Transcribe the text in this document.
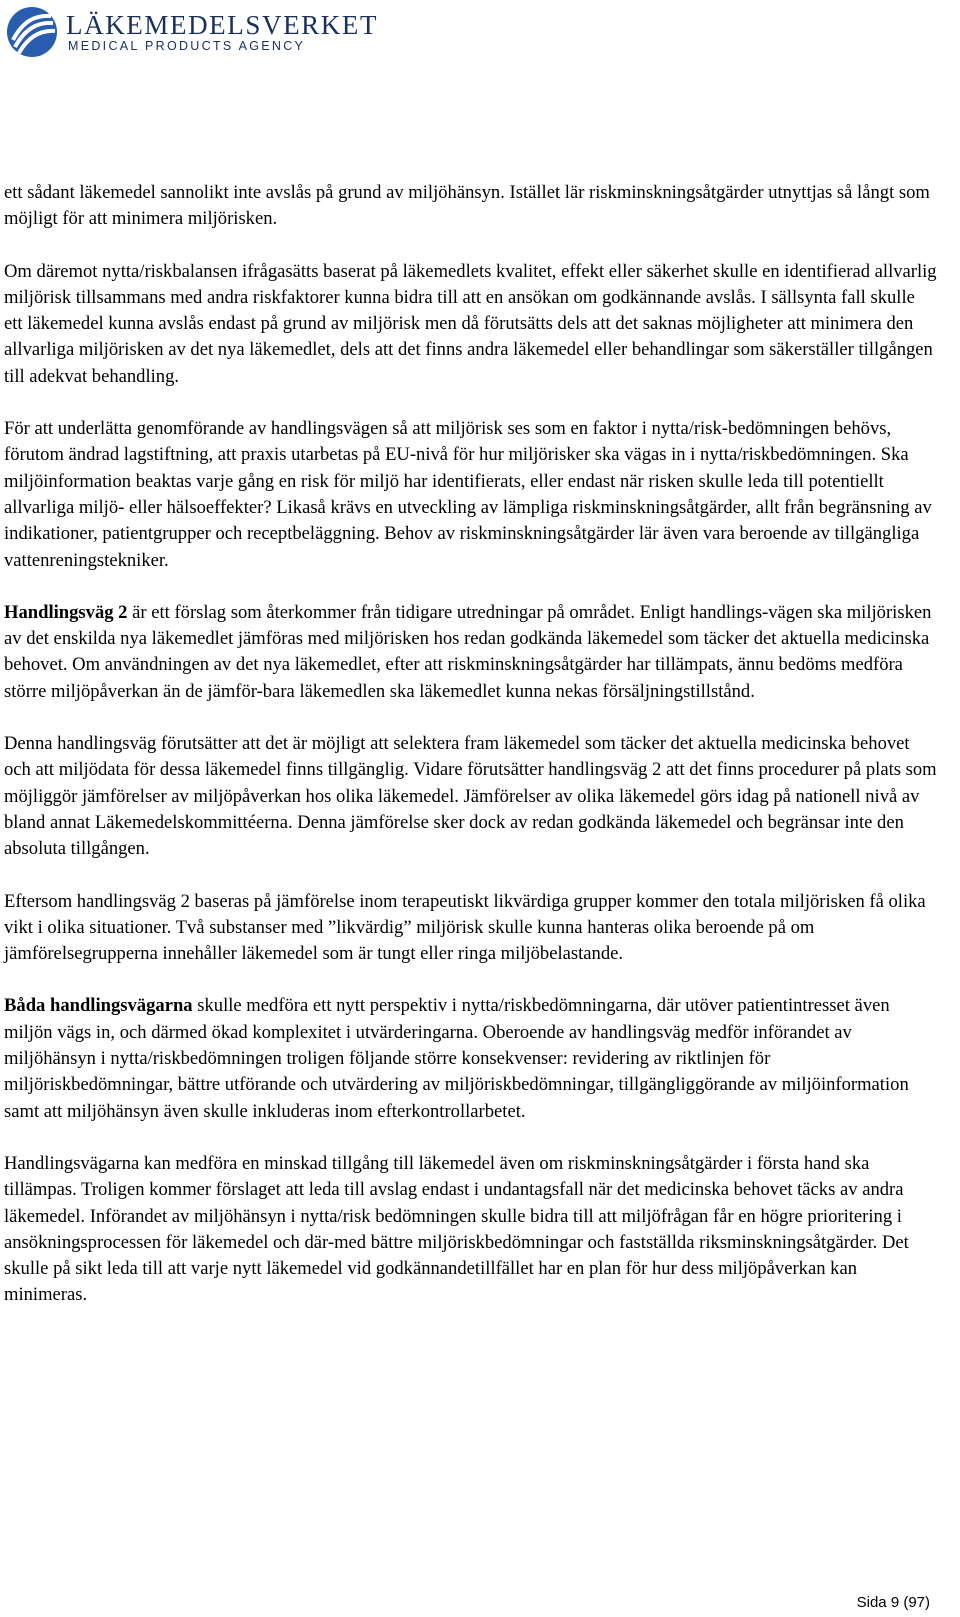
LÄKEMEDELSVERKET
MEDICAL PRODUCTS AGENCY

ett sådant läkemedel sannolikt inte avslås på grund av miljöhänsyn. Istället lär riskminskningsåtgärder utnyttjas så långt som möjligt för att minimera miljörisken.

Om däremot nytta/riskbalansen ifrågasätts baserat på läkemedlets kvalitet, effekt eller säkerhet skulle en identifierad allvarlig miljörisk tillsammans med andra riskfaktorer kunna bidra till att en ansökan om godkännande avslås. I sällsynta fall skulle ett läkemedel kunna avslås endast på grund av miljörisk men då förutsätts dels att det saknas möjligheter att minimera den allvarliga miljörisken av det nya läkemedlet, dels att det finns andra läkemedel eller behandlingar som säkerställer tillgången till adekvat behandling.

För att underlätta genomförande av handlingsvägen så att miljörisk ses som en faktor i nytta/risk-bedömningen behövs, förutom ändrad lagstiftning, att praxis utarbetas på EU-nivå för hur miljörisker ska vägas in i nytta/riskbedömningen. Ska miljöinformation beaktas varje gång en risk för miljö har identifierats, eller endast när risken skulle leda till potentiellt allvarliga miljö- eller hälsoeffekter? Likaså krävs en utveckling av lämpliga riskminskningsåtgärder, allt från begränsning av indikationer, patientgrupper och receptbeläggning. Behov av riskminskningsåtgärder lär även vara beroende av tillgängliga vattenreningstekniker.

Handlingsväg 2 är ett förslag som återkommer från tidigare utredningar på området. Enligt handlings-vägen ska miljörisken av det enskilda nya läkemedlet jämföras med miljörisken hos redan godkända läkemedel som täcker det aktuella medicinska behovet. Om användningen av det nya läkemedlet, efter att riskminskningsåtgärder har tillämpats, ännu bedöms medföra större miljöpåverkan än de jämför-bara läkemedlen ska läkemedlet kunna nekas försäljningstillstånd.

Denna handlingsväg förutsätter att det är möjligt att selektera fram läkemedel som täcker det aktuella medicinska behovet och att miljödata för dessa läkemedel finns tillgänglig. Vidare förutsätter handlingsväg 2 att det finns procedurer på plats som möjliggör jämförelser av miljöpåverkan hos olika läkemedel. Jämförelser av olika läkemedel görs idag på nationell nivå av bland annat Läkemedelskommittéerna. Denna jämförelse sker dock av redan godkända läkemedel och begränsar inte den absoluta tillgången.

Eftersom handlingsväg 2 baseras på jämförelse inom terapeutiskt likvärdiga grupper kommer den totala miljörisken få olika vikt i olika situationer. Två substanser med ”likvärdig” miljörisk skulle kunna hanteras olika beroende på om jämförelsegrupperna innehåller läkemedel som är tungt eller ringa miljöbelastande.

Båda handlingsvägarna skulle medföra ett nytt perspektiv i nytta/riskbedömningarna, där utöver patientintresset även miljön vägs in, och därmed ökad komplexitet i utvärderingarna. Oberoende av handlingsväg medför införandet av miljöhänsyn i nytta/riskbedömningen troligen följande större konsekvenser: revidering av riktlinjen för miljöriskbedömningar, bättre utförande och utvärdering av miljöriskbedömningar, tillgängliggörande av miljöinformation samt att miljöhänsyn även skulle inkluderas inom efterkontrollarbetet.

Handlingsvägarna kan medföra en minskad tillgång till läkemedel även om riskminskningsåtgärder i första hand ska tillämpas. Troligen kommer förslaget att leda till avslag endast i undantagsfall när det medicinska behovet täcks av andra läkemedel. Införandet av miljöhänsyn i nytta/risk bedömningen skulle bidra till att miljöfrågan får en högre prioritering i ansökningsprocessen för läkemedel och där-med bättre miljöriskbedömningar och fastställda riksminskningsåtgärder. Det skulle på sikt leda till att varje nytt läkemedel vid godkännandetillfället har en plan för hur dess miljöpåverkan kan minimeras.

Sida 9 (97)
